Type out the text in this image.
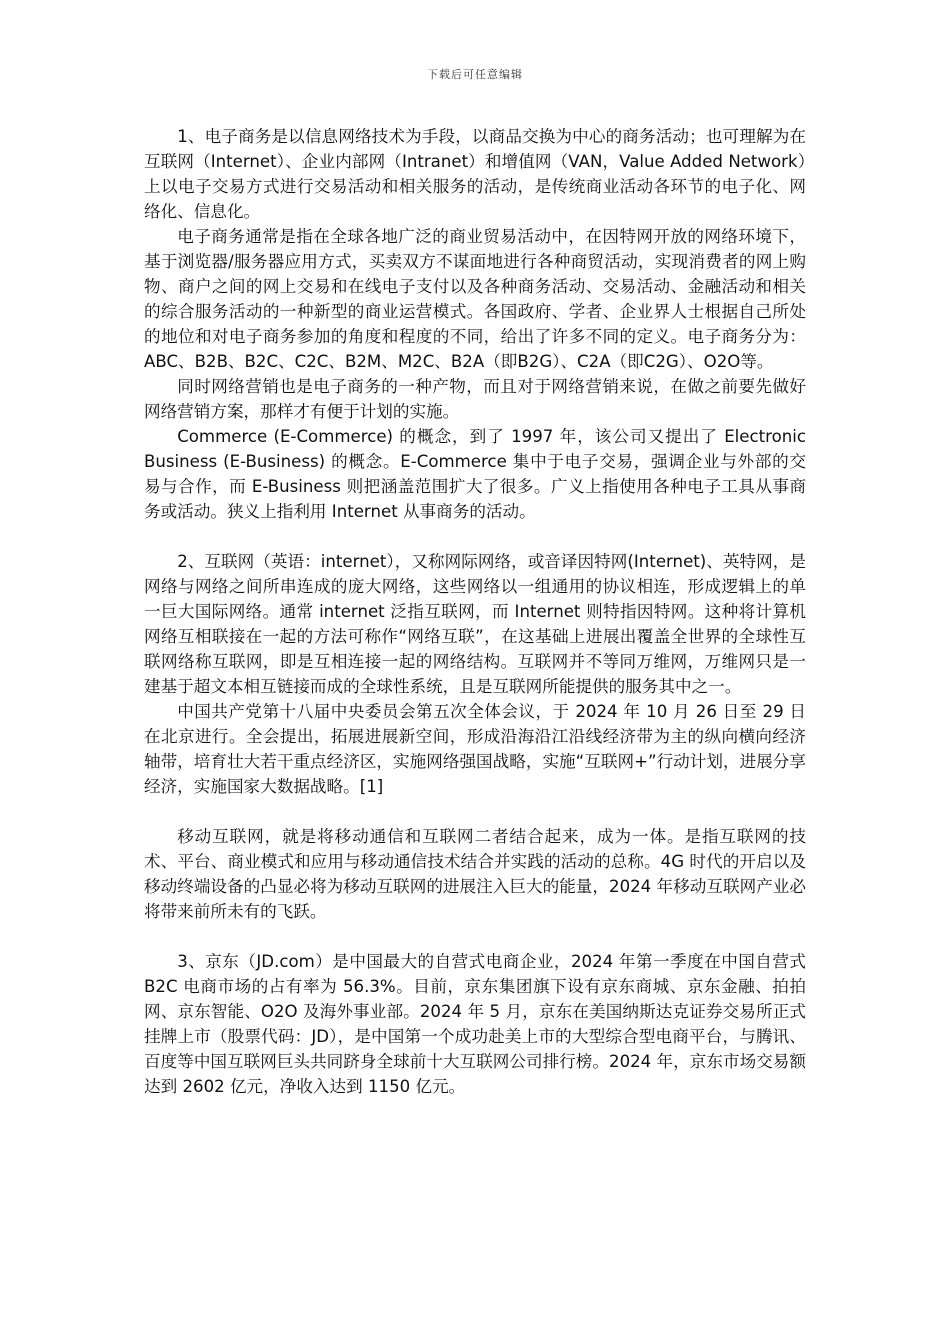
下载后可任意编辑

1、电子商务是以信息网络技术为手段，以商品交换为中心的商务活动；也可理解为在互联网（Internet）、企业内部网（Intranet）和增值网（VAN，Value Added Network）上以电子交易方式进行交易活动和相关服务的活动，是传统商业活动各环节的电子化、网络化、信息化。

电子商务通常是指在全球各地广泛的商业贸易活动中，在因特网开放的网络环境下，基于浏览器/服务器应用方式，买卖双方不谋面地进行各种商贸活动，实现消费者的网上购物、商户之间的网上交易和在线电子支付以及各种商务活动、交易活动、金融活动和相关的综合服务活动的一种新型的商业运营模式。各国政府、学者、企业界人士根据自己所处的地位和对电子商务参加的角度和程度的不同，给出了许多不同的定义。电子商务分为：ABC、B2B、B2C、C2C、B2M、M2C、B2A（即B2G）、C2A（即C2G）、O2O等。

同时网络营销也是电子商务的一种产物，而且对于网络营销来说，在做之前要先做好网络营销方案，那样才有便于计划的实施。

Commerce (E-Commerce) 的概念，到了 1997 年，该公司又提出了 Electronic Business (E-Business) 的概念。E-Commerce 集中于电子交易，强调企业与外部的交易与合作，而 E-Business 则把涵盖范围扩大了很多。广义上指使用各种电子工具从事商务或活动。狭义上指利用 Internet 从事商务的活动。

2、互联网（英语：internet），又称网际网络，或音译因特网(Internet)、英特网，是网络与网络之间所串连成的庞大网络，这些网络以一组通用的协议相连，形成逻辑上的单一巨大国际网络。通常 internet 泛指互联网，而 Internet 则特指因特网。这种将计算机网络互相联接在一起的方法可称作“网络互联”，在这基础上进展出覆盖全世界的全球性互联网络称互联网，即是互相连接一起的网络结构。互联网并不等同万维网，万维网只是一建基于超文本相互链接而成的全球性系统，且是互联网所能提供的服务其中之一。

中国共产党第十八届中央委员会第五次全体会议，于 2024 年 10 月 26 日至 29 日在北京进行。全会提出，拓展进展新空间，形成沿海沿江沿线经济带为主的纵向横向经济轴带，培育壮大若干重点经济区，实施网络强国战略，实施“互联网+”行动计划，进展分享经济，实施国家大数据战略。[1]

移动互联网，就是将移动通信和互联网二者结合起来，成为一体。是指互联网的技术、平台、商业模式和应用与移动通信技术结合并实践的活动的总称。4G 时代的开启以及移动终端设备的凸显必将为移动互联网的进展注入巨大的能量，2024 年移动互联网产业必将带来前所未有的飞跃。

3、京东（JD.com）是中国最大的自营式电商企业，2024 年第一季度在中国自营式 B2C 电商市场的占有率为 56.3%。目前，京东集团旗下设有京东商城、京东金融、拍拍网、京东智能、O2O 及海外事业部。2024 年 5 月，京东在美国纳斯达克证券交易所正式挂牌上市（股票代码：JD），是中国第一个成功赴美上市的大型综合型电商平台，与腾讯、百度等中国互联网巨头共同跻身全球前十大互联网公司排行榜。2024 年，京东市场交易额达到 2602 亿元，净收入达到 1150 亿元。
